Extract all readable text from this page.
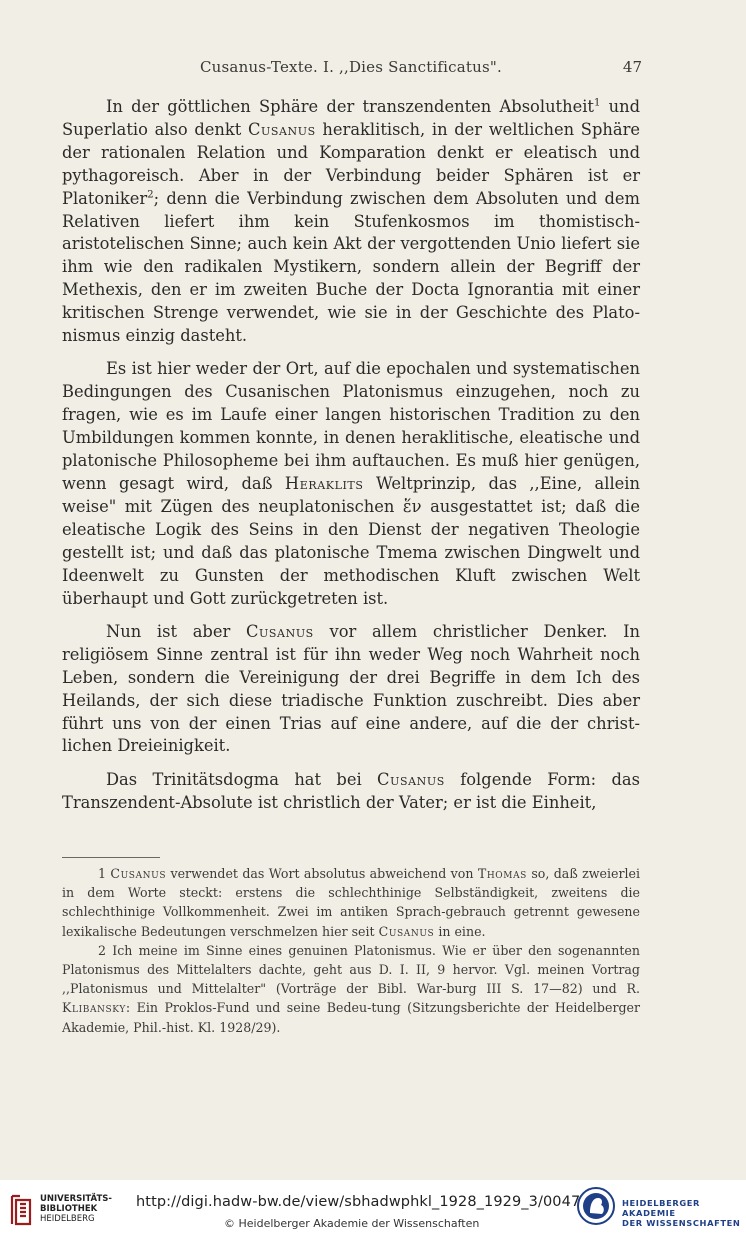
Cusanus-Texte. I. ,,Dies Sanctificatus".	47

In der göttlichen Sphäre der transzendenten Absolutheit$^1$ und Superlatio also denkt Cusanus heraklitisch, in der weltlichen Sphäre der rationalen Relation und Komparation denkt er eleatisch und pythagoreisch. Aber in der Verbindung beider Sphären ist er Platoniker$^2$; denn die Verbindung zwischen dem Absoluten und dem Relativen liefert ihm kein Stufenkosmos im thomistisch-aristotelischen Sinne; auch kein Akt der vergottenden Unio liefert sie ihm wie den radikalen Mystikern, sondern allein der Begriff der Methexis, den er im zweiten Buche der Docta Ignorantia mit einer kritischen Strenge verwendet, wie sie in der Geschichte des Plato-nismus einzig dasteht.

Es ist hier weder der Ort, auf die epochalen und systematischen Bedingungen des Cusanischen Platonismus einzugehen, noch zu fragen, wie es im Laufe einer langen historischen Tradition zu den Umbildungen kommen konnte, in denen heraklitische, eleatische und platonische Philosopheme bei ihm auftauchen. Es muß hier genügen, wenn gesagt wird, daß Heraklits Weltprinzip, das ,,Eine, allein weise" mit Zügen des neuplatonischen ἕν ausgestattet ist; daß die eleatische Logik des Seins in den Dienst der negativen Theologie gestellt ist; und daß das platonische Tmema zwischen Dingwelt und Ideenwelt zu Gunsten der methodischen Kluft zwischen Welt überhaupt und Gott zurückgetreten ist.

Nun ist aber Cusanus vor allem christlicher Denker. In religiösem Sinne zentral ist für ihn weder Weg noch Wahrheit noch Leben, sondern die Vereinigung der drei Begriffe in dem Ich des Heilands, der sich diese triadische Funktion zuschreibt. Dies aber führt uns von der einen Trias auf eine andere, auf die der christ-lichen Dreieinigkeit.

Das Trinitätsdogma hat bei Cusanus folgende Form: das Transzendent-Absolute ist christlich der Vater; er ist die Einheit,

1 Cusanus verwendet das Wort absolutus abweichend von Thomas so, daß zweierlei in dem Worte steckt: erstens die schlechthinige Selbständigkeit, zweitens die schlechthinige Vollkommenheit. Zwei im antiken Sprach-gebrauch getrennt gewesene lexikalische Bedeutungen verschmelzen hier seit Cusanus in eine.

2 Ich meine im Sinne eines genuinen Platonismus. Wie er über den sogenannten Platonismus des Mittelalters dachte, geht aus D. I. II, 9 hervor. Vgl. meinen Vortrag ,,Platonismus und Mittelalter" (Vorträge der Bibl. War-burg III S. 17—82) und R. Klibansky: Ein Proklos-Fund und seine Bedeu-tung (Sitzungsberichte der Heidelberger Akademie, Phil.-hist. Kl. 1928/29).

UNIVERSITÄTS-
BIBLIOTHEK
HEIDELBERG
http://digi.hadw-bw.de/view/sbhadwphkl_1928_1929_3/0047
© Heidelberger Akademie der Wissenschaften
HEIDELBERGER AKADEMIE
DER WISSENSCHAFTEN
